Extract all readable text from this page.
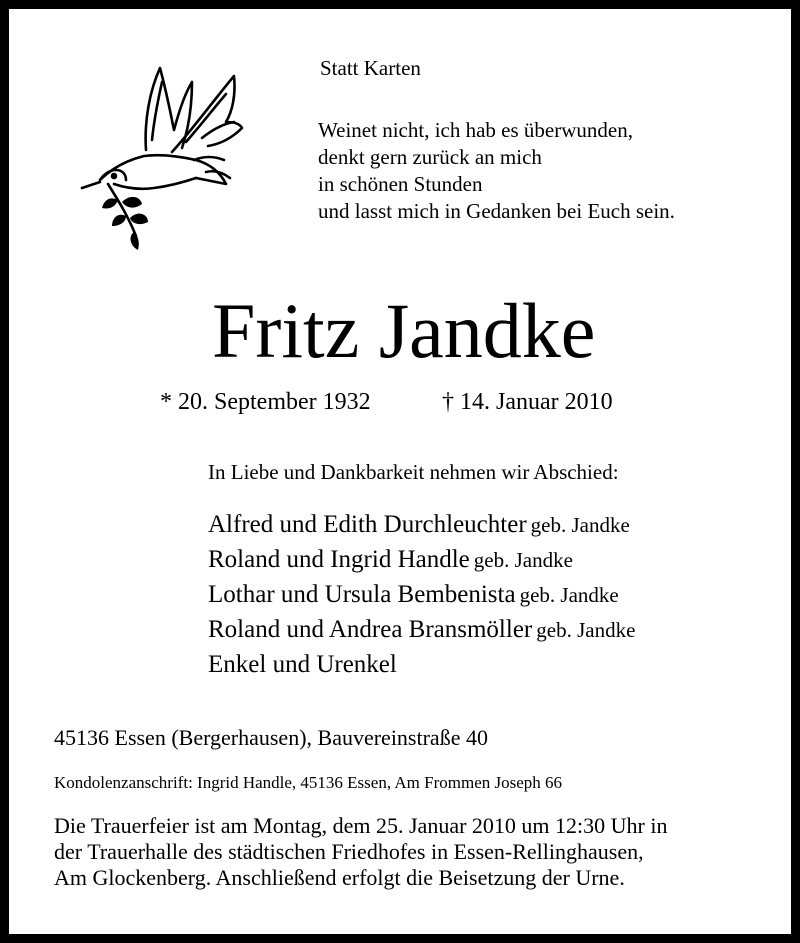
Statt Karten
Weinet nicht, ich hab es überwunden,
denkt gern zurück an mich
in schönen Stunden
und lasst mich in Gedanken bei Euch sein.
Fritz Jandke
* 20. September 1932	† 14. Januar 2010
In Liebe und Dankbarkeit nehmen wir Abschied:
Alfred und Edith Durchleuchter geb. Jandke
Roland und Ingrid Handle geb. Jandke
Lothar und Ursula Bembenista geb. Jandke
Roland und Andrea Bransmöller geb. Jandke
Enkel und Urenkel
45136 Essen (Bergerhausen), Bauvereinstraße 40
Kondolenzanschrift: Ingrid Handle, 45136 Essen, Am Frommen Joseph 66
Die Trauerfeier ist am Montag, dem 25. Januar 2010 um 12:30 Uhr in
der Trauerhalle des städtischen Friedhofes in Essen-Rellinghausen,
Am Glockenberg. Anschließend erfolgt die Beisetzung der Urne.
